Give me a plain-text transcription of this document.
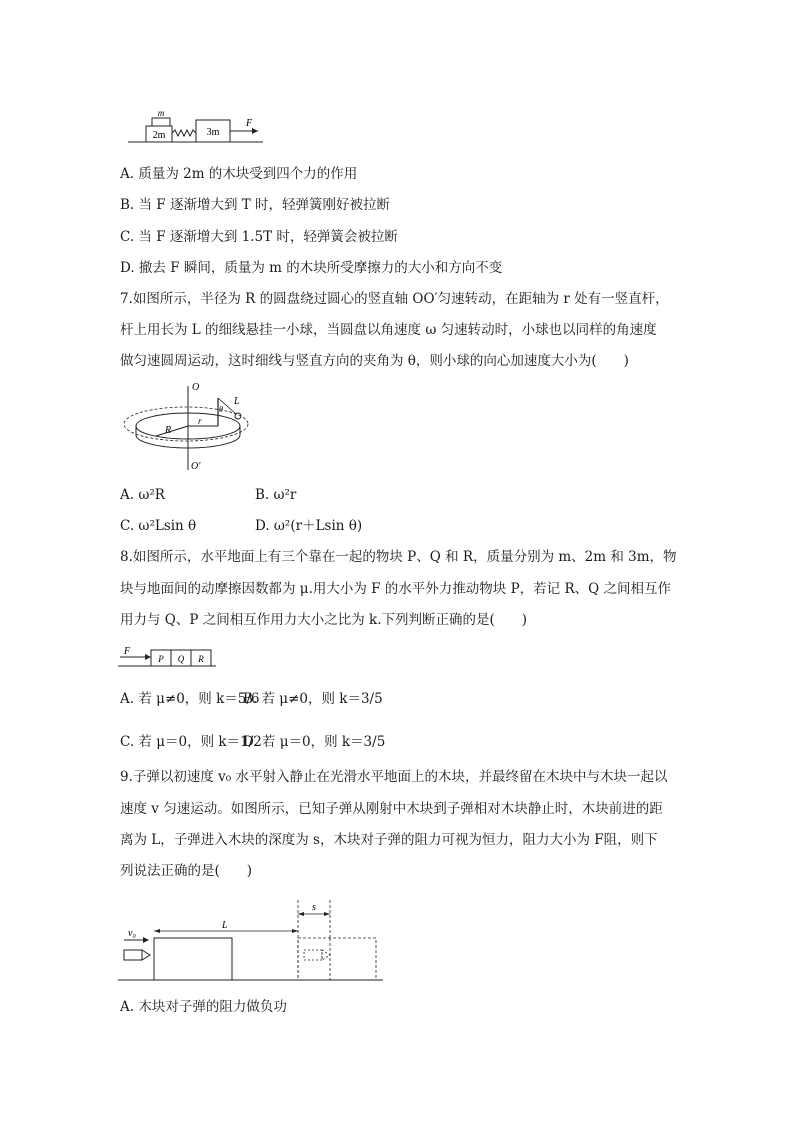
m
2m	3m
F
A. 质量为 2m 的木块受到四个力的作用
B. 当 F 逐渐增大到 T 时，轻弹簧刚好被拉断
C. 当 F 逐渐增大到 1.5T 时，轻弹簧会被拉断
D. 撤去 F 瞬间，质量为 m 的木块所受摩擦力的大小和方向不变
7.如图所示，半径为 R 的圆盘绕过圆心的竖直轴 OO′匀速转动，在距轴为 r 处有一竖直杆，
杆上用长为 L 的细线悬挂一小球，当圆盘以角速度 ω 匀速转动时，小球也以同样的角速度
做匀速圆周运动，这时细线与竖直方向的夹角为 θ，则小球的向心加速度大小为(　　)
O
O′
R
r
θ
L
A. ω²R	B. ω²r
C. ω²Lsin θ	D. ω²(r＋Lsin θ)
8.如图所示，水平地面上有三个靠在一起的物块 P、Q 和 R，质量分别为 m、2m 和 3m，物
块与地面间的动摩擦因数都为 μ.用大小为 F 的水平外力推动物块 P，若记 R、Q 之间相互作
用力与 Q、P 之间相互作用力大小之比为 k.下列判断正确的是(　　)
F
P Q R
A. 若 μ≠0，则 k＝5/6
B. 若 μ≠0，则 k＝3/5
C. 若 μ＝0，则 k＝1/2
D. 若 μ＝0，则 k＝3/5
9.子弹以初速度 v₀ 水平射入静止在光滑水平地面上的木块，并最终留在木块中与木块一起以
速度 v 匀速运动。如图所示，已知子弹从刚射中木块到子弹相对木块静止时，木块前进的距
离为 L，子弹进入木块的深度为 s，木块对子弹的阻力可视为恒力，阻力大小为 F阻，则下
列说法正确的是(　　)
v₀
L
s
A. 木块对子弹的阻力做负功
